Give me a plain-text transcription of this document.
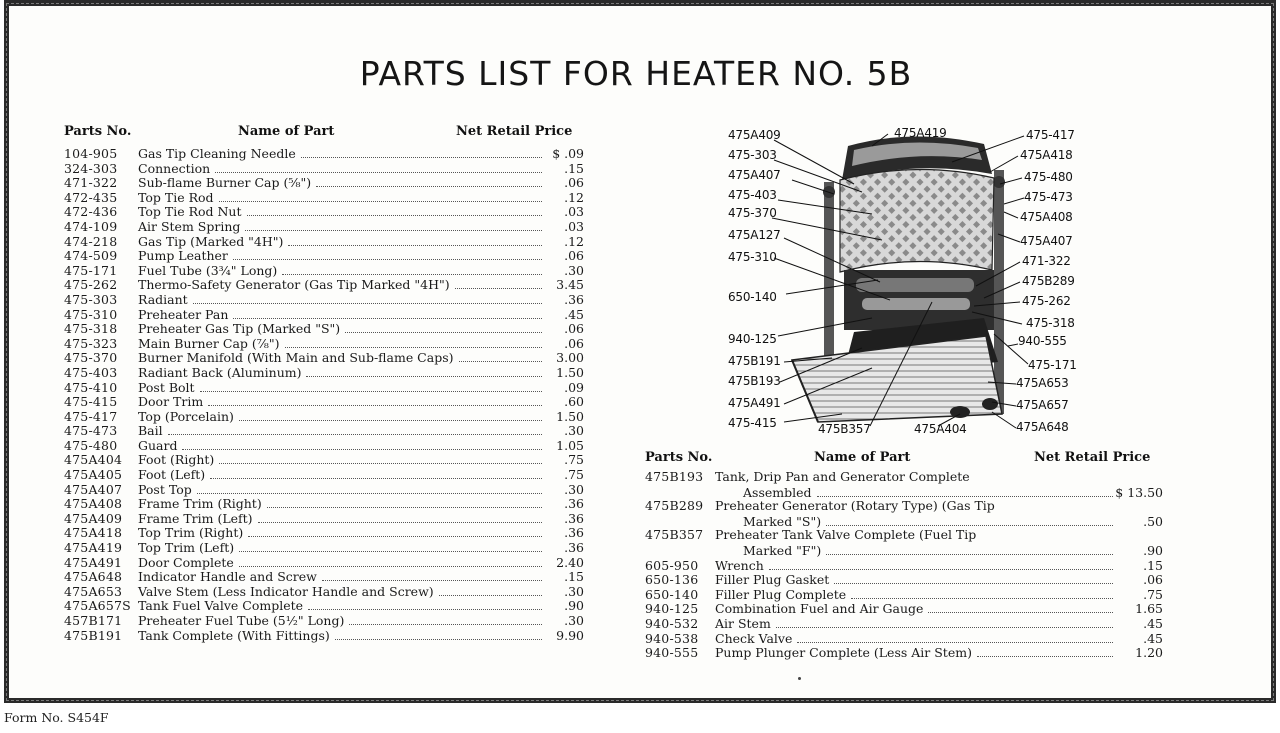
PARTS LIST FOR HEATER NO. 5B
Parts No.	Name of Part	Net Retail Price
104-905	Gas Tip Cleaning Needle	$ .09
324-303	Connection	.15
471-322	Sub-flame Burner Cap (⅝")	.06
472-435	Top Tie Rod	.12
472-436	Top Tie Rod Nut	.03
474-109	Air Stem Spring	.03
474-218	Gas Tip (Marked "4H")	.12
474-509	Pump Leather	.06
475-171	Fuel Tube (3¾" Long)	.30
475-262	Thermo-Safety Generator (Gas Tip Marked "4H")	3.45
475-303	Radiant	.36
475-310	Preheater Pan	.45
475-318	Preheater Gas Tip (Marked "S")	.06
475-323	Main Burner Cap (⅞")	.06
475-370	Burner Manifold (With Main and Sub-flame Caps)	3.00
475-403	Radiant Back (Aluminum)	1.50
475-410	Post Bolt	.09
475-415	Door Trim	.60
475-417	Top (Porcelain)	1.50
475-473	Bail	.30
475-480	Guard	1.05
475A404	Foot (Right)	.75
475A405	Foot (Left)	.75
475A407	Post Top	.30
475A408	Frame Trim (Right)	.36
475A409	Frame Trim (Left)	.36
475A418	Top Trim (Right)	.36
475A419	Top Trim (Left)	.36
475A491	Door Complete	2.40
475A648	Indicator Handle and Screw	.15
475A653	Valve Stem (Less Indicator Handle and Screw)	.30
475A657S Tank Fuel Valve Complete	.90
457B171	Preheater Fuel Tube (5½" Long)	.30
475B191	Tank Complete (With Fittings)	9.90
475A409
475-303
475A407
475-403
475-370
475A127
475-310
650-140
940-125
475B191
475B193
475A491
475-415	475B357	475A404
475A419	475-417
475A418
475-480
475-473
475A408
475A407
471-322
475B289
475-262
475-318
940-555
475-171
475A653
475A657
475A648
Parts No.	Name of Part	Net Retail Price
475B193 Tank, Drip Pan and Generator Complete
Assembled	$ 13.50
475B289 Preheater Generator (Rotary Type) (Gas Tip
Marked "S")	.50
475B357 Preheater Tank Valve Complete (Fuel Tip
Marked "F")	.90
605-950	Wrench	.15
650-136	Filler Plug Gasket	.06
650-140	Filler Plug Complete	.75
940-125	Combination Fuel and Air Gauge	1.65
940-532	Air Stem	.45
940-538	Check Valve	.45
940-555	Pump Plunger Complete (Less Air Stem)	1.20
Form No. S454F
